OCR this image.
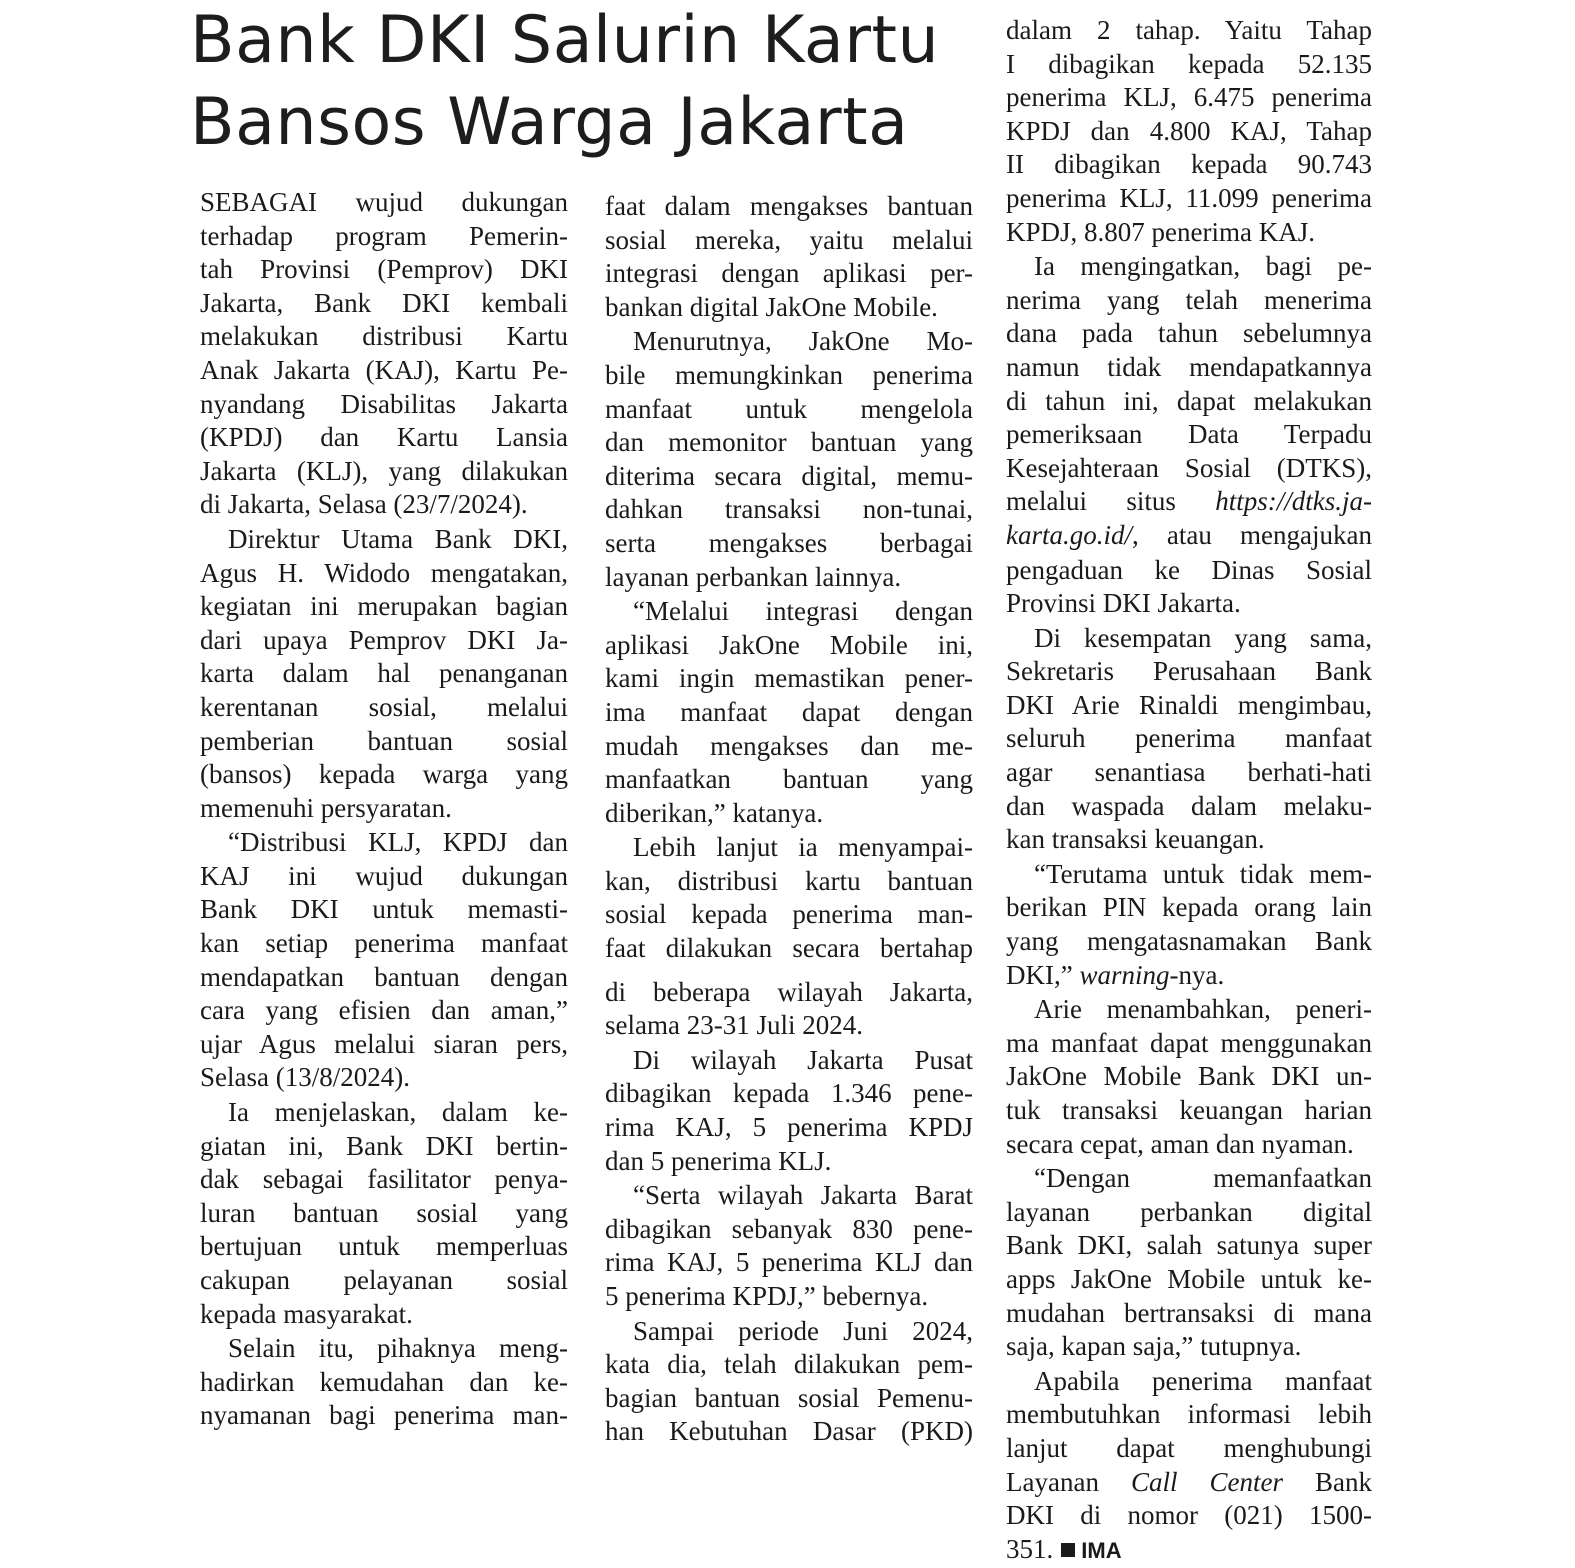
Bank DKI Salurin Kartu
Bansos Warga Jakarta

SEBAGAI wujud dukungan
terhadap program Pemerin-
tah Provinsi (Pemprov) DKI
Jakarta, Bank DKI kembali
melakukan distribusi Kartu
Anak Jakarta (KAJ), Kartu Pe-
nyandang Disabilitas Jakarta
(KPDJ) dan Kartu Lansia
Jakarta (KLJ), yang dilakukan
di Jakarta, Selasa (23/7/2024).

Direktur Utama Bank DKI,
Agus H. Widodo mengatakan,
kegiatan ini merupakan bagian
dari upaya Pemprov DKI Ja-
karta dalam hal penanganan
kerentanan sosial, melalui
pemberian bantuan sosial
(bansos) kepada warga yang
memenuhi persyaratan.

“Distribusi KLJ, KPDJ dan
KAJ ini wujud dukungan
Bank DKI untuk memasti-
kan setiap penerima manfaat
mendapatkan bantuan dengan
cara yang efisien dan aman,”
ujar Agus melalui siaran pers,
Selasa (13/8/2024).

Ia menjelaskan, dalam ke-
giatan ini, Bank DKI bertin-
dak sebagai fasilitator penya-
luran bantuan sosial yang
bertujuan untuk memperluas
cakupan pelayanan sosial
kepada masyarakat.

Selain itu, pihaknya meng-
hadirkan kemudahan dan ke-
nyamanan bagi penerima man-

faat dalam mengakses bantuan
sosial mereka, yaitu melalui
integrasi dengan aplikasi per-
bankan digital JakOne Mobile.

Menurutnya, JakOne Mo-
bile memungkinkan penerima
manfaat untuk mengelola
dan memonitor bantuan yang
diterima secara digital, memu-
dahkan transaksi non-tunai,
serta mengakses berbagai
layanan perbankan lainnya.

“Melalui integrasi dengan
aplikasi JakOne Mobile ini,
kami ingin memastikan pener-
ima manfaat dapat dengan
mudah mengakses dan me-
manfaatkan bantuan yang
diberikan,” katanya.

Lebih lanjut ia menyampai-
kan, distribusi kartu bantuan
sosial kepada penerima man-
faat dilakukan secara bertahap

di beberapa wilayah Jakarta,
selama 23-31 Juli 2024.

Di wilayah Jakarta Pusat
dibagikan kepada 1.346 pene-
rima KAJ, 5 penerima KPDJ
dan 5 penerima KLJ.

“Serta wilayah Jakarta Barat
dibagikan sebanyak 830 pene-
rima KAJ, 5 penerima KLJ dan
5 penerima KPDJ,” bebernya.

Sampai periode Juni 2024,
kata dia, telah dilakukan pem-
bagian bantuan sosial Pemenu-
han Kebutuhan Dasar (PKD)

dalam 2 tahap. Yaitu Tahap
I dibagikan kepada 52.135
penerima KLJ, 6.475 penerima
KPDJ dan 4.800 KAJ, Tahap
II dibagikan kepada 90.743
penerima KLJ, 11.099 penerima
KPDJ, 8.807 penerima KAJ.

Ia mengingatkan, bagi pe-
nerima yang telah menerima
dana pada tahun sebelumnya
namun tidak mendapatkannya
di tahun ini, dapat melakukan
pemeriksaan Data Terpadu
Kesejahteraan Sosial (DTKS),

melalui situs https://dtks.ja-
karta.go.id/, atau mengajukan

pengaduan ke Dinas Sosial
Provinsi DKI Jakarta.

Di kesempatan yang sama,
Sekretaris Perusahaan Bank
DKI Arie Rinaldi mengimbau,
seluruh penerima manfaat
agar senantiasa berhati-hati
dan waspada dalam melaku-
kan transaksi keuangan.

“Terutama untuk tidak mem-
berikan PIN kepada orang lain
yang mengatasnamakan Bank
DKI,” warning-nya.

Arie menambahkan, peneri-
ma manfaat dapat menggunakan
JakOne Mobile Bank DKI un-
tuk transaksi keuangan harian
secara cepat, aman dan nyaman.

“Dengan memanfaatkan
layanan perbankan digital
Bank DKI, salah satunya super
apps JakOne Mobile untuk ke-
mudahan bertransaksi di mana
saja, kapan saja,” tutupnya.

Apabila penerima manfaat
membutuhkan informasi lebih
lanjut dapat menghubungi
Layanan Call Center Bank
DKI di nomor (021) 1500-
351. IMA
